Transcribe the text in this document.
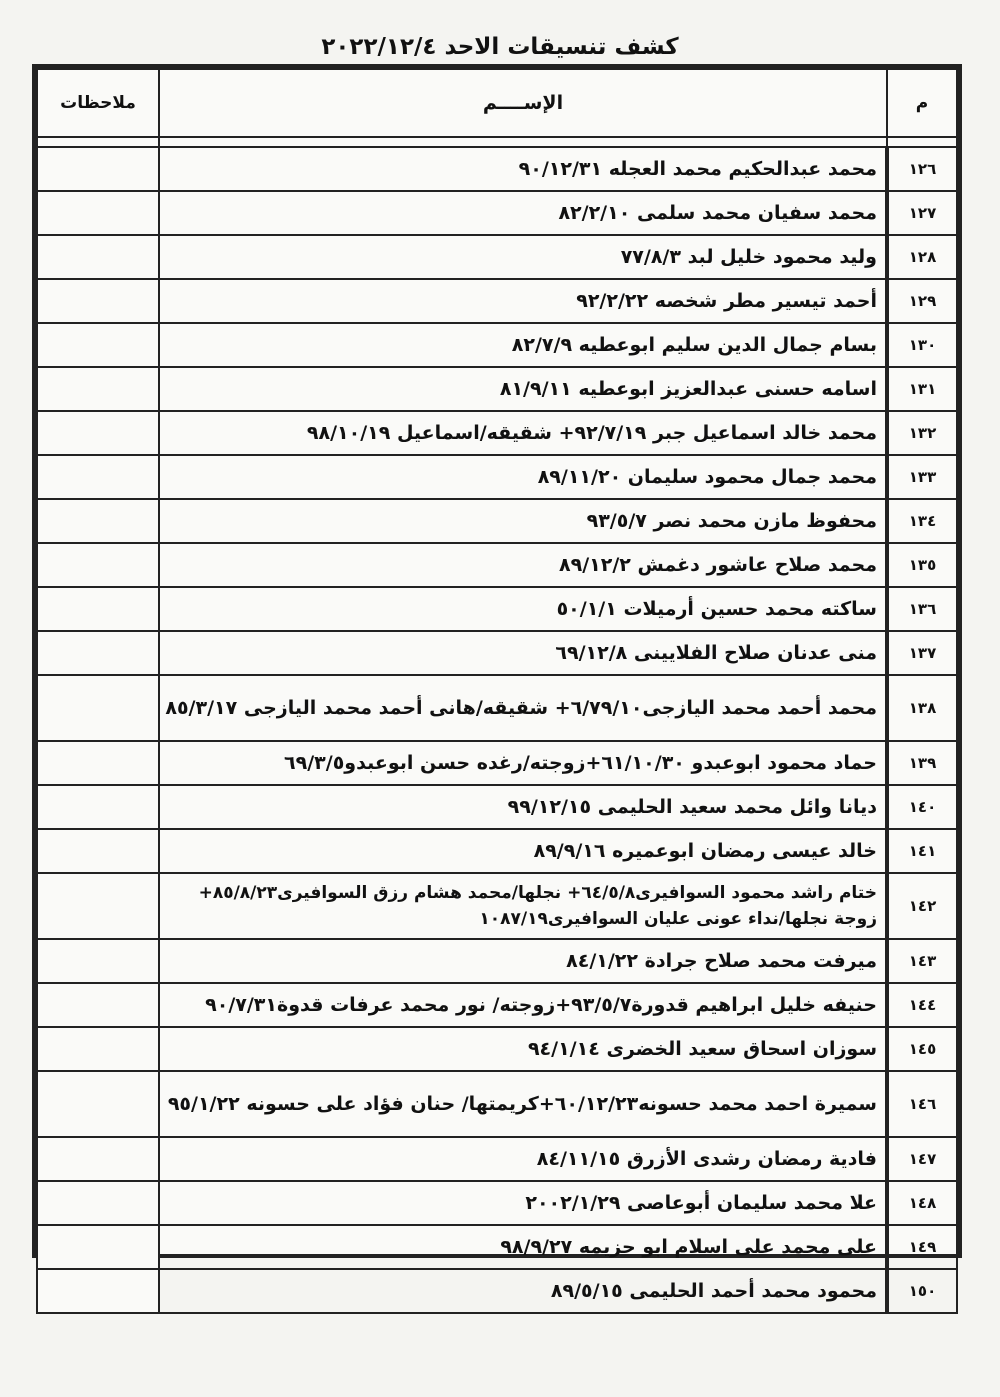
كشف تنسيقات الاحد ٢٠٢٢/١٢/٤
م	الإســــم	ملاحظات

١٢٦	محمد عبدالحكيم محمد العجله ٩٠/١٢/٣١	
١٢٧	محمد سفيان محمد سلمى ٨٢/٢/١٠	
١٢٨	وليد محمود خليل لبد ٧٧/٨/٣	
١٢٩	أحمد تيسير مطر شخصه ٩٢/٢/٢٢	
١٣٠	بسام جمال الدين سليم ابوعطيه ٨٢/٧/٩	
١٣١	اسامه حسنى عبدالعزيز ابوعطيه ٨١/٩/١١	
١٣٢	محمد خالد اسماعيل جبر ٩٢/٧/١٩+ شقيقه/اسماعيل ٩٨/١٠/١٩	
١٣٣	محمد جمال محمود سليمان ٨٩/١١/٢٠	
١٣٤	محفوظ مازن محمد نصر ٩٣/٥/٧	
١٣٥	محمد صلاح عاشور دغمش ٨٩/١٢/٢	
١٣٦	ساكته محمد حسين أرميلات ٥٠/١/١	
١٣٧	منى عدنان صلاح الفلايينى ٦٩/١٢/٨	
١٣٨	محمد أحمد محمد اليازجى٦/٧٩/١٠+ شقيقه/هانى أحمد محمد اليازجى ٨٥/٣/١٧	
١٣٩	حماد محمود ابوعبدو ٦١/١٠/٣٠+زوجته/رغده حسن ابوعبدو٦٩/٣/٥	
١٤٠	ديانا وائل محمد سعيد الحليمى ٩٩/١٢/١٥	
١٤١	خالد عيسى رمضان ابوعميره ٨٩/٩/١٦	
١٤٢	ختام راشد محمود السوافيرى٦٤/٥/٨+ نجلها/محمد هشام رزق السوافيرى٨٥/٨/٢٣+ زوجة نجلها/نداء عونى عليان السوافيرى١٠٨٧/١٩	
١٤٣	ميرفت محمد صلاح جرادة ٨٤/١/٢٢	
١٤٤	حنيفه خليل ابراهيم قدورة٩٣/٥/٧+زوجته/ نور محمد عرفات قدوة٩٠/٧/٣١	
١٤٥	سوزان اسحاق سعيد الخضرى ٩٤/١/١٤	
١٤٦	سميرة احمد محمد حسونه٦٠/١٢/٢٣+كريمتها/ حنان فؤاد على حسونه ٩٥/١/٢٢	
١٤٧	فادية رمضان رشدى الأزرق ٨٤/١١/١٥	
١٤٨	علا محمد سليمان أبوعاصى ٢٠٠٢/١/٢٩	
١٤٩	على محمد على اسلام ابو حزيمه ٩٨/٩/٢٧	
١٥٠	محمود محمد أحمد الحليمى ٨٩/٥/١٥	
